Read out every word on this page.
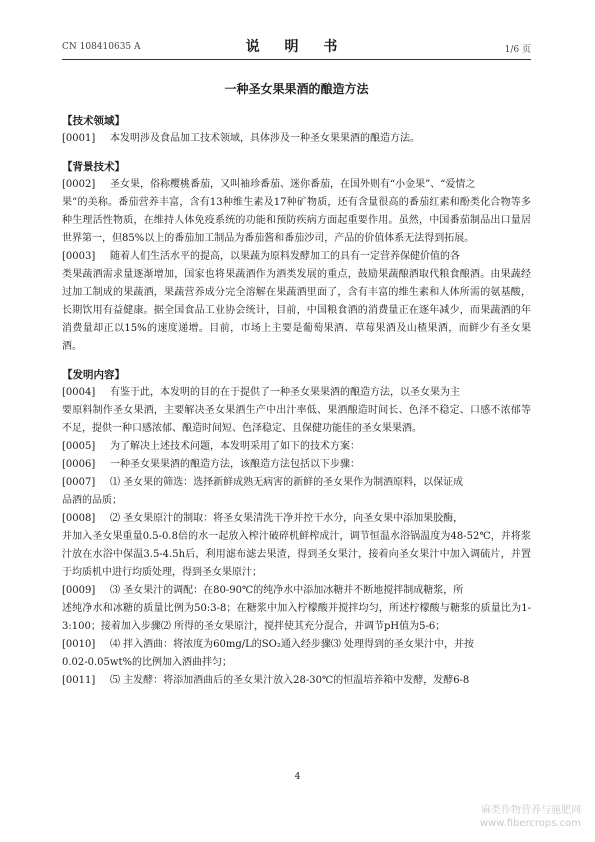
CN 108410635 A	说 明 书	1/6 页
一种圣女果果酒的酿造方法
【技术领域】
[0001]	本发明涉及食品加工技术领域，具体涉及一种圣女果果酒的酿造方法。
【背景技术】
[0002]	圣女果，俗称樱桃番茄，又叫袖珍番茄、迷你番茄，在国外则有“小金果”、“爱情之
果”的美称。番茄营养丰富，含有13种维生素及17种矿物质，还有含量很高的番茄红素和酚类化合物等多种生理活性物质，在维持人体免疫系统的功能和预防疾病方面起重要作用。虽然，中国番茄制品出口量居世界第一，但85%以上的番茄加工制品为番茄酱和番茄沙司，产品的价值体系无法得到拓展。
[0003]	随着人们生活水平的提高，以果蔬为原料发酵加工的具有一定营养保健价值的各
类果蔬酒需求量逐渐增加，国家也将果蔬酒作为酒类发展的重点，鼓励果蔬酿酒取代粮食酿酒。由果蔬经过加工制成的果蔬酒，果蔬营养成分完全溶解在果蔬酒里面了，含有丰富的维生素和人体所需的氨基酸，长期饮用有益健康。据全国食品工业协会统计，目前，中国粮食酒的消费量正在逐年减少，而果蔬酒的年消费量却正以15%的速度递增。目前，市场上主要是葡萄果酒、草莓果酒及山楂果酒，而鲜少有圣女果酒。
【发明内容】
[0004]	有鉴于此，本发明的目的在于提供了一种圣女果果酒的酿造方法，以圣女果为主
要原料制作圣女果酒，主要解决圣女果酒生产中出汁率低、果酒酿造时间长、色泽不稳定、口感不浓郁等不足，提供一种口感浓郁、酿造时间短、色泽稳定、且保健功能佳的圣女果果酒。
[0005]	为了解决上述技术问题，本发明采用了如下的技术方案：
[0006]	一种圣女果果酒的酿造方法，该酿造方法包括以下步骤：
[0007]	⑴ 圣女果的筛选：选择新鲜成熟无病害的新鲜的圣女果作为制酒原料，以保证成
品酒的品质；
[0008]	⑵ 圣女果原汁的制取：将圣女果清洗干净并控干水分，向圣女果中添加果胶酶，
并加入圣女果重量0.5-0.8倍的水一起放入榨汁破碎机鲜榨成汁，调节恒温水浴锅温度为48-52℃，并将浆汁放在水浴中保温3.5-4.5h后，利用滤布滤去果渣，得到圣女果汁，接着向圣女果汁中加入调硫片，并置于均质机中进行均质处理，得到圣女果原汁；
[0009]	⑶ 圣女果汁的调配：在80-90℃的纯净水中添加冰糖并不断地搅拌制成糖浆，所
述纯净水和冰糖的质量比例为50:3-8；在糖浆中加入柠檬酸并搅拌均匀，所述柠檬酸与糖浆的质量比为1-3:100；接着加入步骤⑵ 所得的圣女果原汁，搅拌使其充分混合，并调节pH值为5-6；
[0010]	⑷ 拌入酒曲：将浓度为60mg/L的SO₂通入经步骤⑶ 处理得到的圣女果汁中，并按
0.02-0.05wt%的比例加入酒曲拌匀；
[0011]	⑸ 主发酵：将添加酒曲后的圣女果汁放入28-30℃的恒温培养箱中发酵，发酵6-8
4
麻类作物营养与施肥网
www.fibercrops.com
